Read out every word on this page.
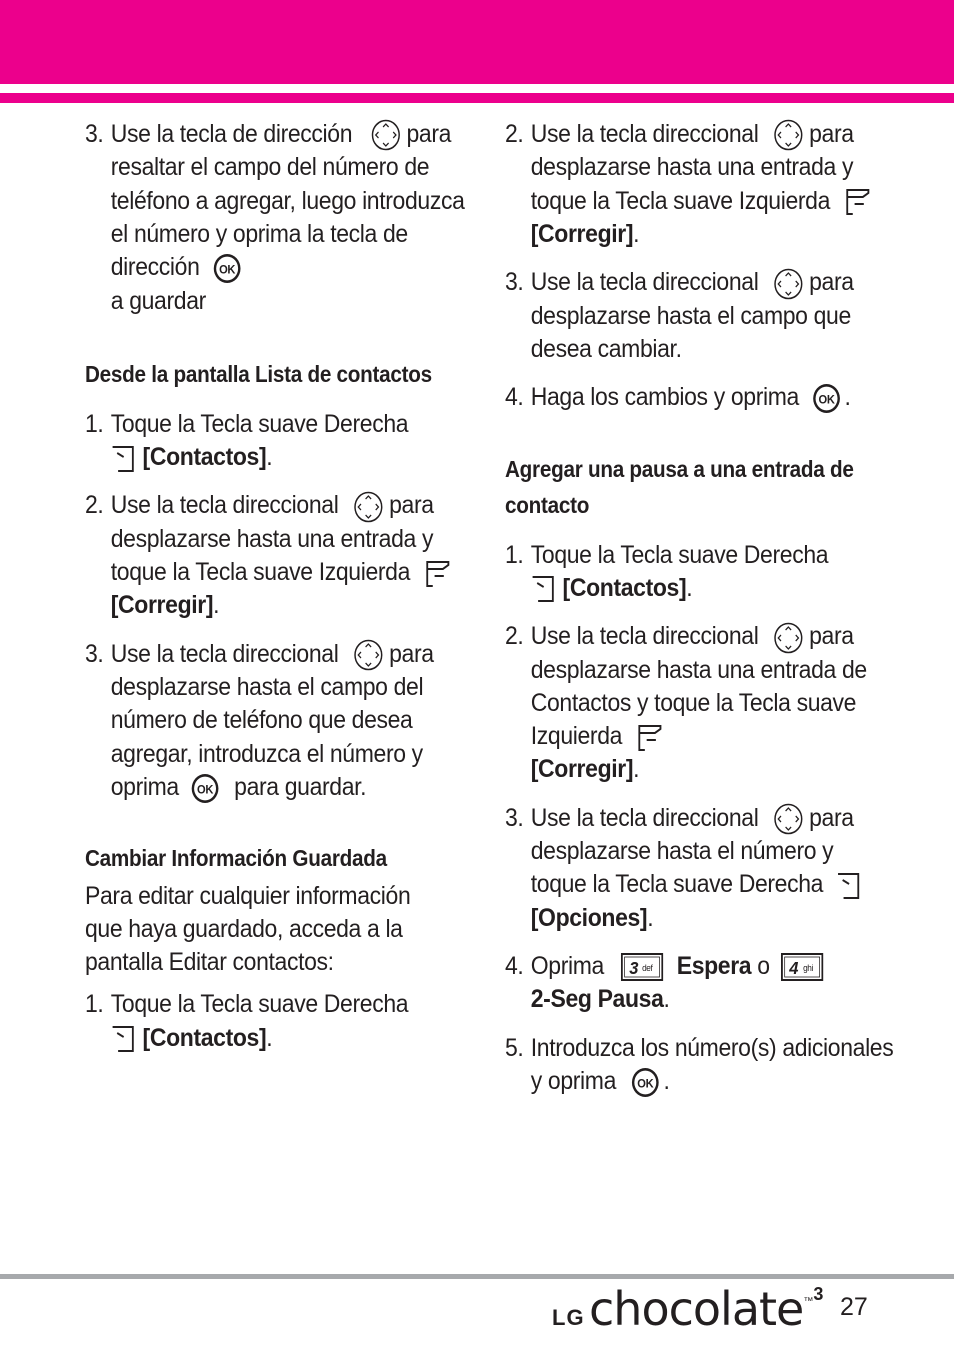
3. Use la tecla de dirección para resaltar el campo del número de teléfono a agregar, luego introduzca el número y oprima la tecla de dirección
a guardar
Desde la pantalla Lista de contactos
1. Toque la Tecla suave Derecha
[Contactos].
2. Use la tecla direccional para desplazarse hasta una entrada y toque la Tecla suave Izquierda  [Corregir].
3. Use la tecla direccional para desplazarse hasta el campo del número de teléfono que desea agregar, introduzca el número y oprima para guardar.
Cambiar Información Guardada
Para editar cualquier información que haya guardado, acceda a la pantalla Editar contactos:
1. Toque la Tecla suave Derecha
[Contactos].
2. Use la tecla direccional para desplazarse hasta una entrada y toque la Tecla suave Izquierda  [Corregir].
3. Use la tecla direccional para desplazarse hasta el campo que desea cambiar.
4. Haga los cambios y oprima .
Agregar una pausa a una entrada de contacto
1. Toque la Tecla suave Derecha
[Contactos].
2. Use la tecla direccional para desplazarse hasta una entrada de Contactos y toque la Tecla suave Izquierda
[Corregir].
3. Use la tecla direccional para desplazarse hasta el número y toque la Tecla suave Derecha  [Opciones].
4. Oprima 3 def Espera o 4 ghi

2-Seg Pausa.
5. Introduzca los número(s) adicionales y oprima .
LG chocolate™3 27
